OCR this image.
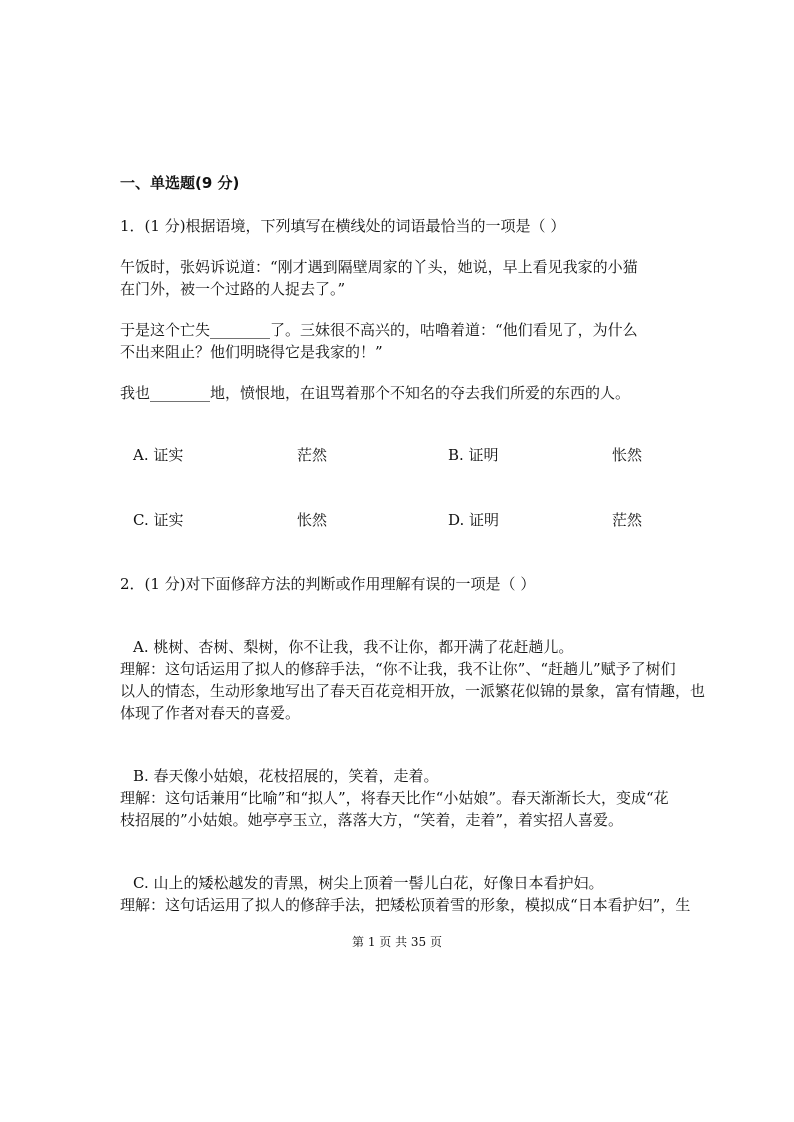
一、单选题(9 分)
1．(1 分)根据语境，下列填写在横线处的词语最恰当的一项是（ ）
午饭时，张妈诉说道：“刚才遇到隔壁周家的丫头，她说，早上看见我家的小猫
在门外，被一个过路的人捉去了。”
于是这个亡失________了。三妹很不高兴的，咕噜着道：“他们看见了，为什么
不出来阻止？他们明晓得它是我家的！”
我也________地，愤恨地，在诅骂着那个不知名的夺去我们所爱的东西的人。
A. 证实	茫然	B. 证明	怅然
C. 证实	怅然	D. 证明	茫然
2．(1 分)对下面修辞方法的判断或作用理解有误的一项是（ ）
A. 桃树、杏树、梨树，你不让我，我不让你，都开满了花赶趟儿。
理解：这句话运用了拟人的修辞手法，“你不让我，我不让你”、“赶趟儿”赋予了树们
以人的情态，生动形象地写出了春天百花竞相开放，一派繁花似锦的景象，富有情趣，也
体现了作者对春天的喜爱。
B. 春天像小姑娘，花枝招展的，笑着，走着。
理解：这句话兼用“比喻”和“拟人”，将春天比作“小姑娘”。春天渐渐长大，变成“花
枝招展的”小姑娘。她亭亭玉立，落落大方，“笑着，走着”，着实招人喜爱。
C. 山上的矮松越发的青黑，树尖上顶着一髻儿白花，好像日本看护妇。
理解：这句话运用了拟人的修辞手法，把矮松顶着雪的形象，模拟成“日本看护妇”，生
第 1 页 共 35 页
